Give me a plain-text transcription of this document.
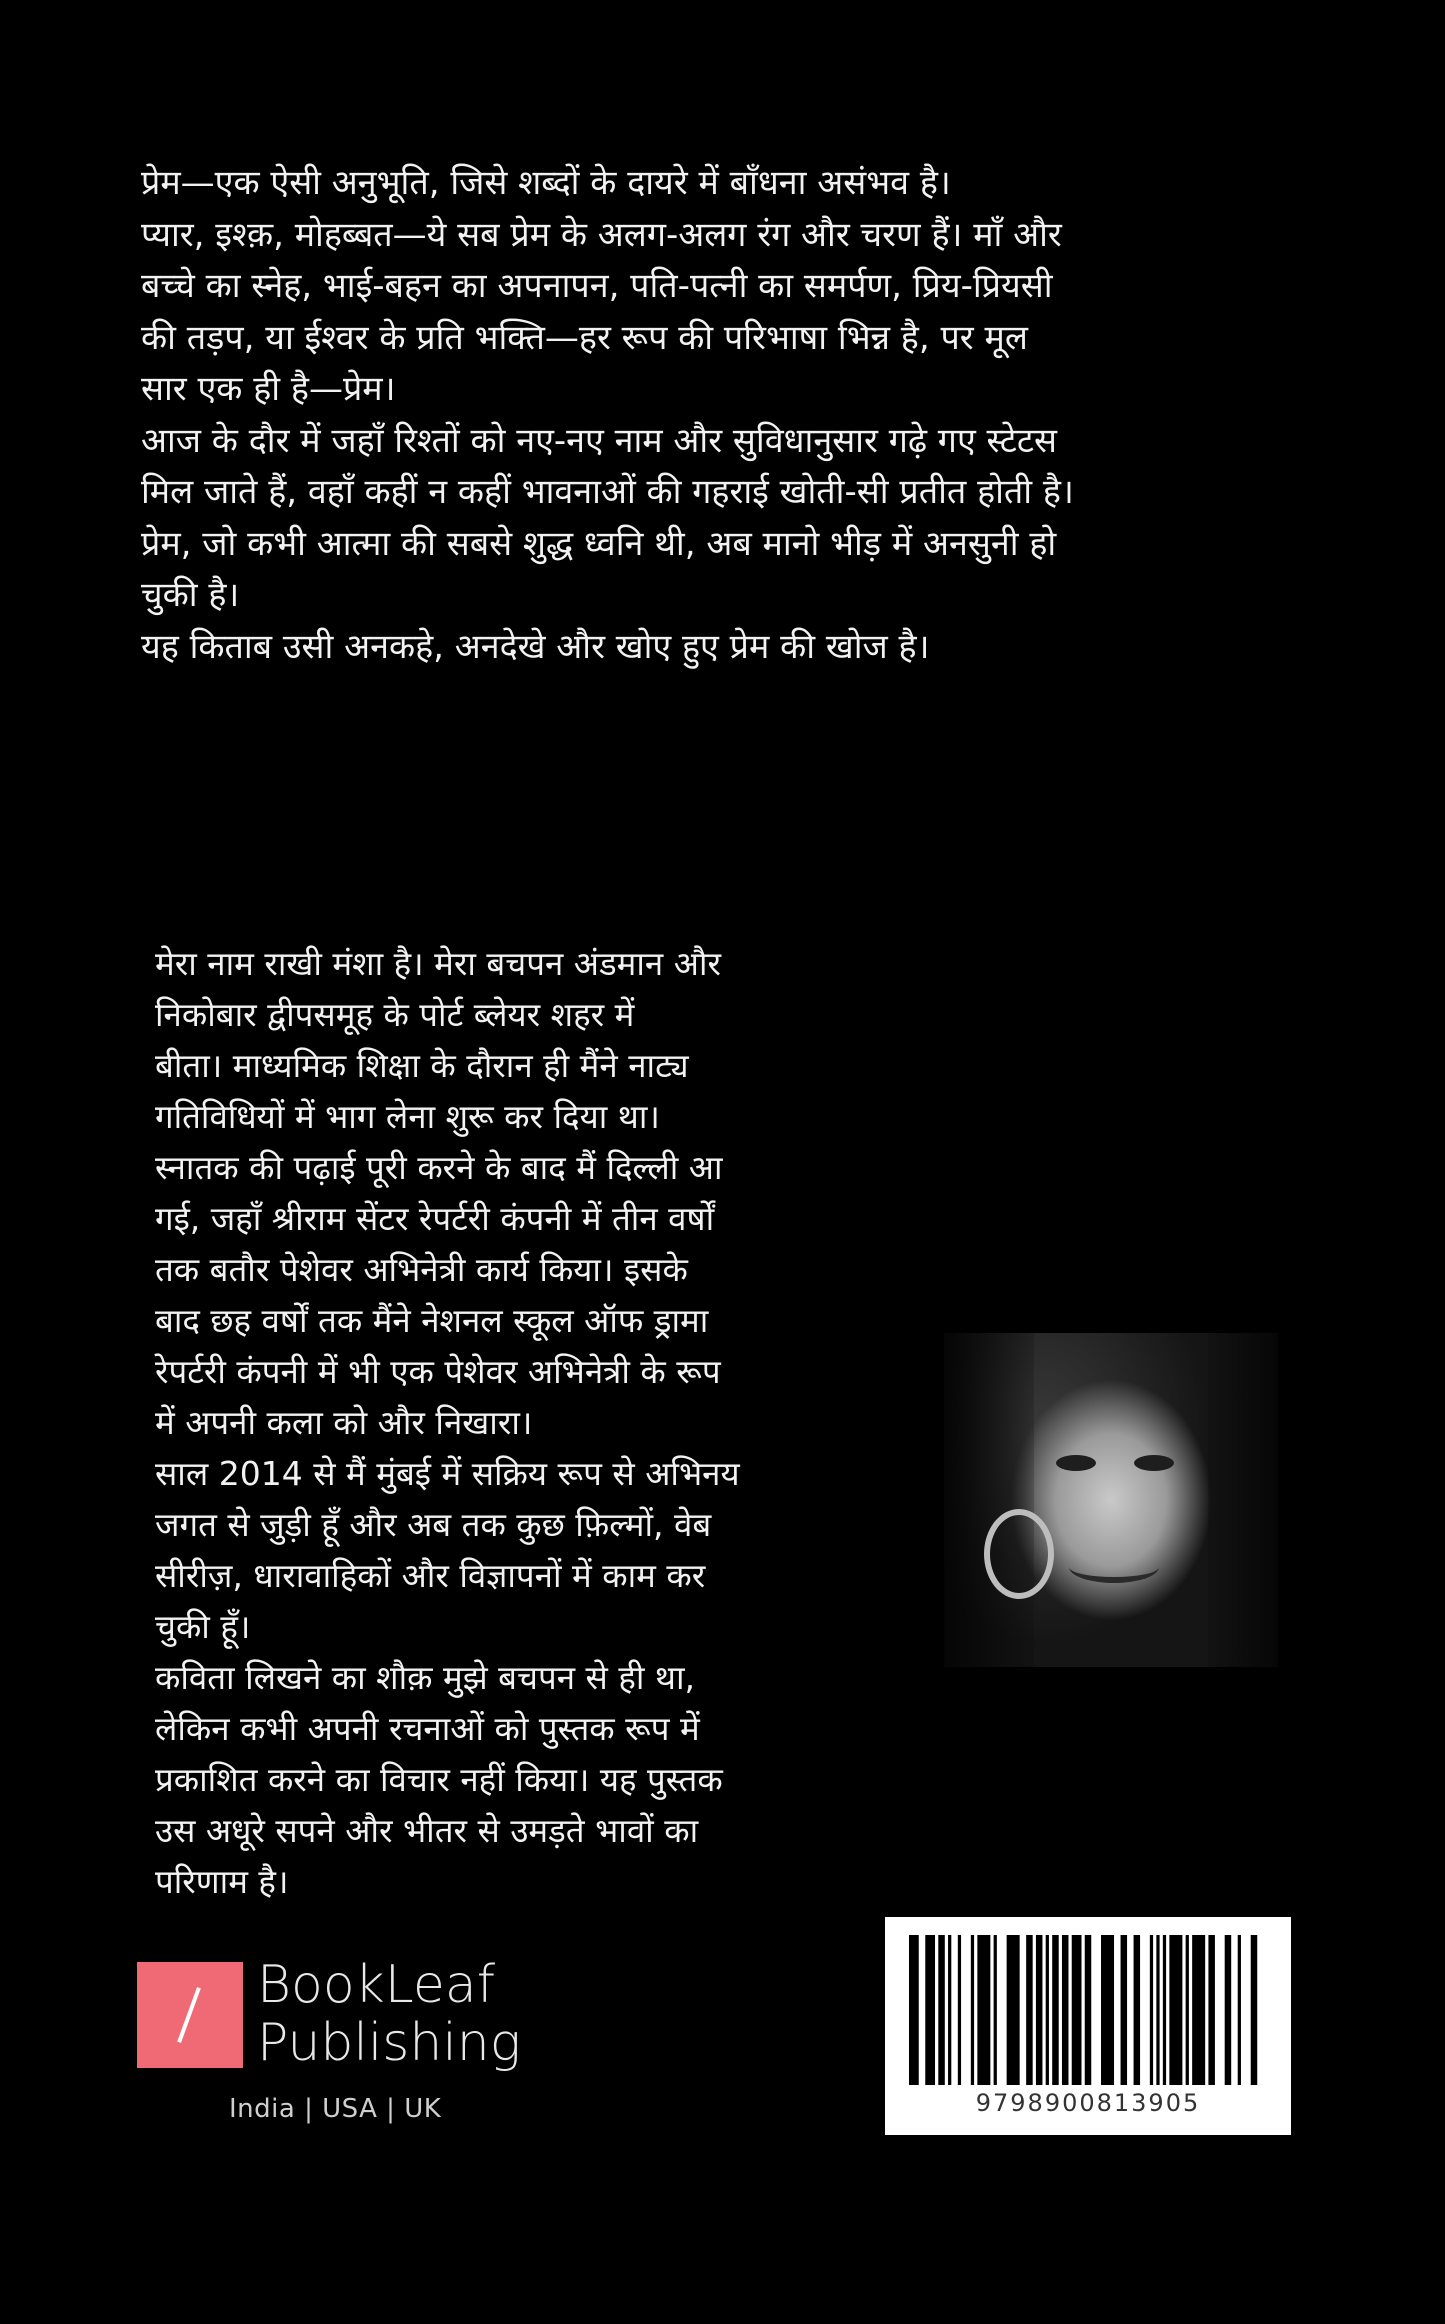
प्रेम—एक ऐसी अनुभूति, जिसे शब्दों के दायरे में बाँधना असंभव है।

प्यार, इश्क़, मोहब्बत—ये सब प्रेम के अलग-अलग रंग और चरण हैं। माँ और

बच्चे का स्नेह, भाई-बहन का अपनापन, पति-पत्नी का समर्पण, प्रिय-प्रियसी

की तड़प, या ईश्वर के प्रति भक्ति—हर रूप की परिभाषा भिन्न है, पर मूल

सार एक ही है—प्रेम।

आज के दौर में जहाँ रिश्तों को नए-नए नाम और सुविधानुसार गढ़े गए स्टेटस

मिल जाते हैं, वहाँ कहीं न कहीं भावनाओं की गहराई खोती-सी प्रतीत होती है।

प्रेम, जो कभी आत्मा की सबसे शुद्ध ध्वनि थी, अब मानो भीड़ में अनसुनी हो

चुकी है।

यह किताब उसी अनकहे, अनदेखे और खोए हुए प्रेम की खोज है।

मेरा नाम राखी मंशा है। मेरा बचपन अंडमान और

निकोबार द्वीपसमूह के पोर्ट ब्लेयर शहर में

बीता। माध्यमिक शिक्षा के दौरान ही मैंने नाट्य

गतिविधियों में भाग लेना शुरू कर दिया था।

स्नातक की पढ़ाई पूरी करने के बाद मैं दिल्ली आ

गई, जहाँ श्रीराम सेंटर रेपर्टरी कंपनी में तीन वर्षों

तक बतौर पेशेवर अभिनेत्री कार्य किया। इसके

बाद छह वर्षों तक मैंने नेशनल स्कूल ऑफ ड्रामा

रेपर्टरी कंपनी में भी एक पेशेवर अभिनेत्री के रूप

में अपनी कला को और निखारा।

साल 2014 से मैं मुंबई में सक्रिय रूप से अभिनय

जगत से जुड़ी हूँ और अब तक कुछ फ़िल्मों, वेब

सीरीज़, धारावाहिकों और विज्ञापनों में काम कर

चुकी हूँ।

कविता लिखने का शौक़ मुझे बचपन से ही था,

लेकिन कभी अपनी रचनाओं को पुस्तक रूप में

प्रकाशित करने का विचार नहीं किया। यह पुस्तक

उस अधूरे सपने और भीतर से उमड़ते भावों का

परिणाम है।

BookLeaf
Publishing
India | USA | UK	9798900813905
